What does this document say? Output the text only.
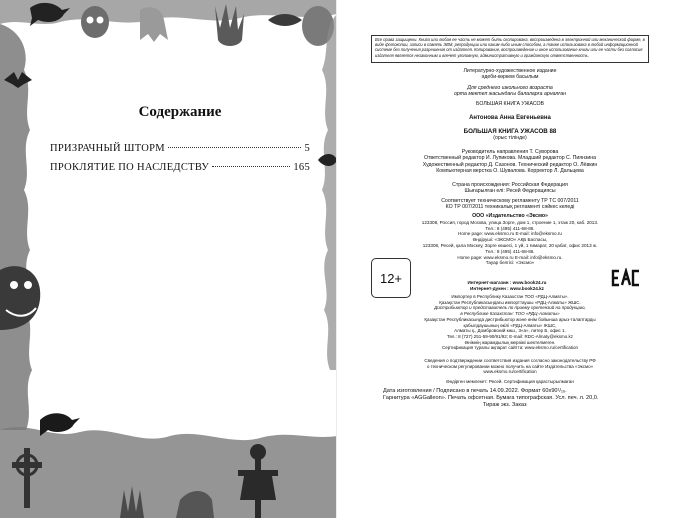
Содержание
ПРИЗРАЧНЫЙ ШТОРМ	5
ПРОКЛЯТИЕ ПО НАСЛЕДСТВУ	165
Все права защищены. Книга или любая ее часть не может быть скопирована, воспроизведена в электронной или механической форме, в виде фотокопии, записи в память ЭВМ, репродукции или каким-либо иным способом, а также использована в любой информационной системе без получения разрешения от издателя. Копирование, воспроизведение и иное использование книги или ее части без согласия издателя является незаконным и влечет уголовную, административную и гражданскую ответственность.
Литературно-художественное издание
әдеби-көркем басылым
Для среднего школьного возраста
орта мектеп жасындағы балаларға арналған
БОЛЬШАЯ КНИГА УЖАСОВ
Антонова Анна Евгеньевна
БОЛЬШАЯ КНИГА УЖАСОВ 88
(орыс тілінде)
Руководитель направления Т. Суворова
Ответственный редактор И. Лупикова. Младший редактор С. Пиянзина
Художественный редактор Д. Сазонов. Технический редактор О. Лёвкин
Компьютерная верстка О. Шувалова. Корректор Л. Дальцева
Страна происхождения: Российская Федерация
Шығарылған елі: Ресей Федерациясы
Соответствует техническому регламенту ТР ТС 007/2011
КО ТР 007/2011 техникалық регламенті сәйкес келеді
ООО «Издательство «Эксмо»
123308, Россия, город Москва, улица Зорге, дом 1, строение 1, этаж 20, каб. 2013.
Тел.: 8 (495) 411-68-86.
Home page: www.eksmo.ru E-mail: info@eksmo.ru
Өндіруші: «ЭКСМО» АҚБ Баспасы,
123308, Ресей, қала Мәскеу, Зорге көшесі, 1 үй, 1 ғимарат, 20 қабат, офис 2013 ж.
Тел.: 8 (495) 411-68-86.
Home page: www.eksmo.ru E-mail: info@eksmo.ru.
Тауар белгісі: «Эксмо»
12+	Интернет-магазин : www.book24.ru
Интернет-дүкен : www.book24.kz
Импортер в Республику Казахстан ТОО «РДЦ-Алматы».
Қазақстан Республикасындағы импорттаушы «РДЦ-Алматы» ЖШС.
Дистрибьютор и представитель по приему претензий на продукцию,
в Республике Казахстан: ТОО «РДЦ-Алматы»
Қазақстан Республикасында дистрибьютор және өнім бойынша арыз-талаптарды
қабылдаушының өкілі «РДЦ-Алматы» ЖШС,
Алматы қ., Домбровский көш., 3«а», литер Б, офис 1.
Тел.: 8 (727) 251-59-90/91/92; E-mail: RDC-Almaty@eksmo.kz
Өнімнің жарамдылық мерзімі шектелмеген.
Сертификация туралы ақпарат сайтта: www.eksmo.ru/certification
Сведения о подтверждении соответствия издания согласно законодательству РФ
о техническом регулировании можно получить на сайте Издательства «Эксмо»
www.eksmo.ru/certification
Өндірген мемлекет: Ресей. Сертификация қарастырылмаған
Дата изготовления / Подписано в печать 14.09.2022. Формат 60x90¹/₁₆.
Гарнитура «AGGalleon». Печать офсетная. Бумага типографская. Усл. печ. л. 20,0.
Тираж экз. Заказ
